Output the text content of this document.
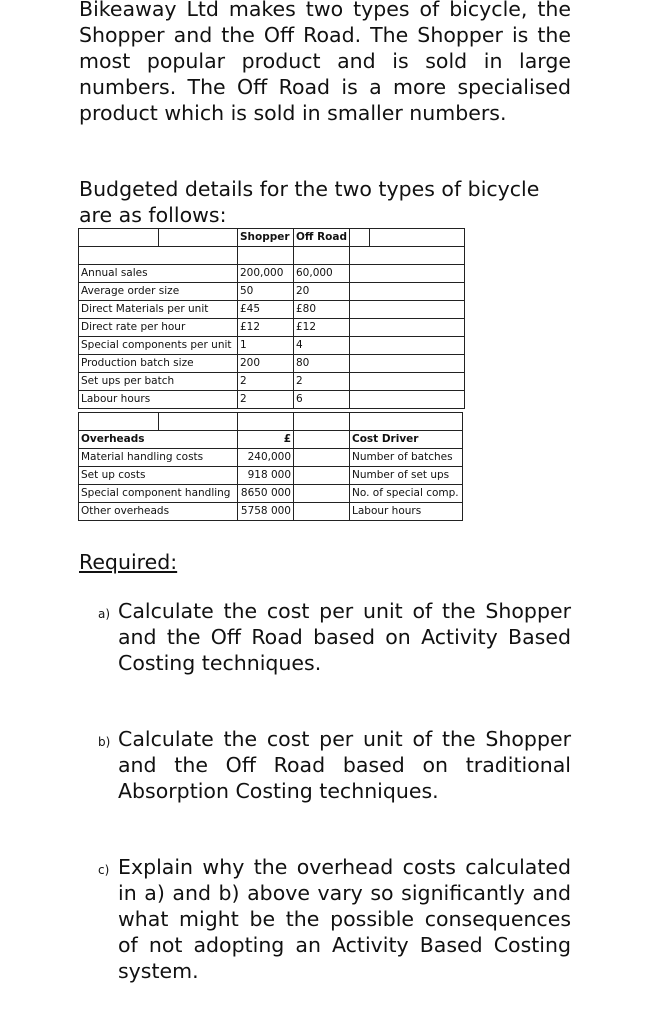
Bikeaway Ltd makes two types of bicycle, the Shopper and the Off Road. The Shopper is the most popular product and is sold in large numbers. The Off Road is a more specialised product which is sold in smaller numbers.

Budgeted details for the two types of bicycle are as follows:

		Shopper	Off Road		

Annual sales		200,000	60,000		
Average order size		50	20		
Direct Materials per unit		£45	£80		
Direct rate per hour		£12	£12		
Special components per unit		1	4		
Production batch size		200	80		
Set ups per batch		2	2		
Labour hours		2	6		

Overheads		£		Cost Driver
Material handling costs		240,000		Number of batches
Set up costs		918 000		Number of set ups
Special component handling		8650 000		No. of special comp.
Other overheads		5758 000		Labour hours
Required:
a) Calculate the cost per unit of the Shopper and the Off Road based on Activity Based Costing techniques.
b) Calculate the cost per unit of the Shopper and the Off Road based on traditional Absorption Costing techniques.
c) Explain why the overhead costs calculated in a) and b) above vary so significantly and what might be the possible consequences of not adopting an Activity Based Costing system.
